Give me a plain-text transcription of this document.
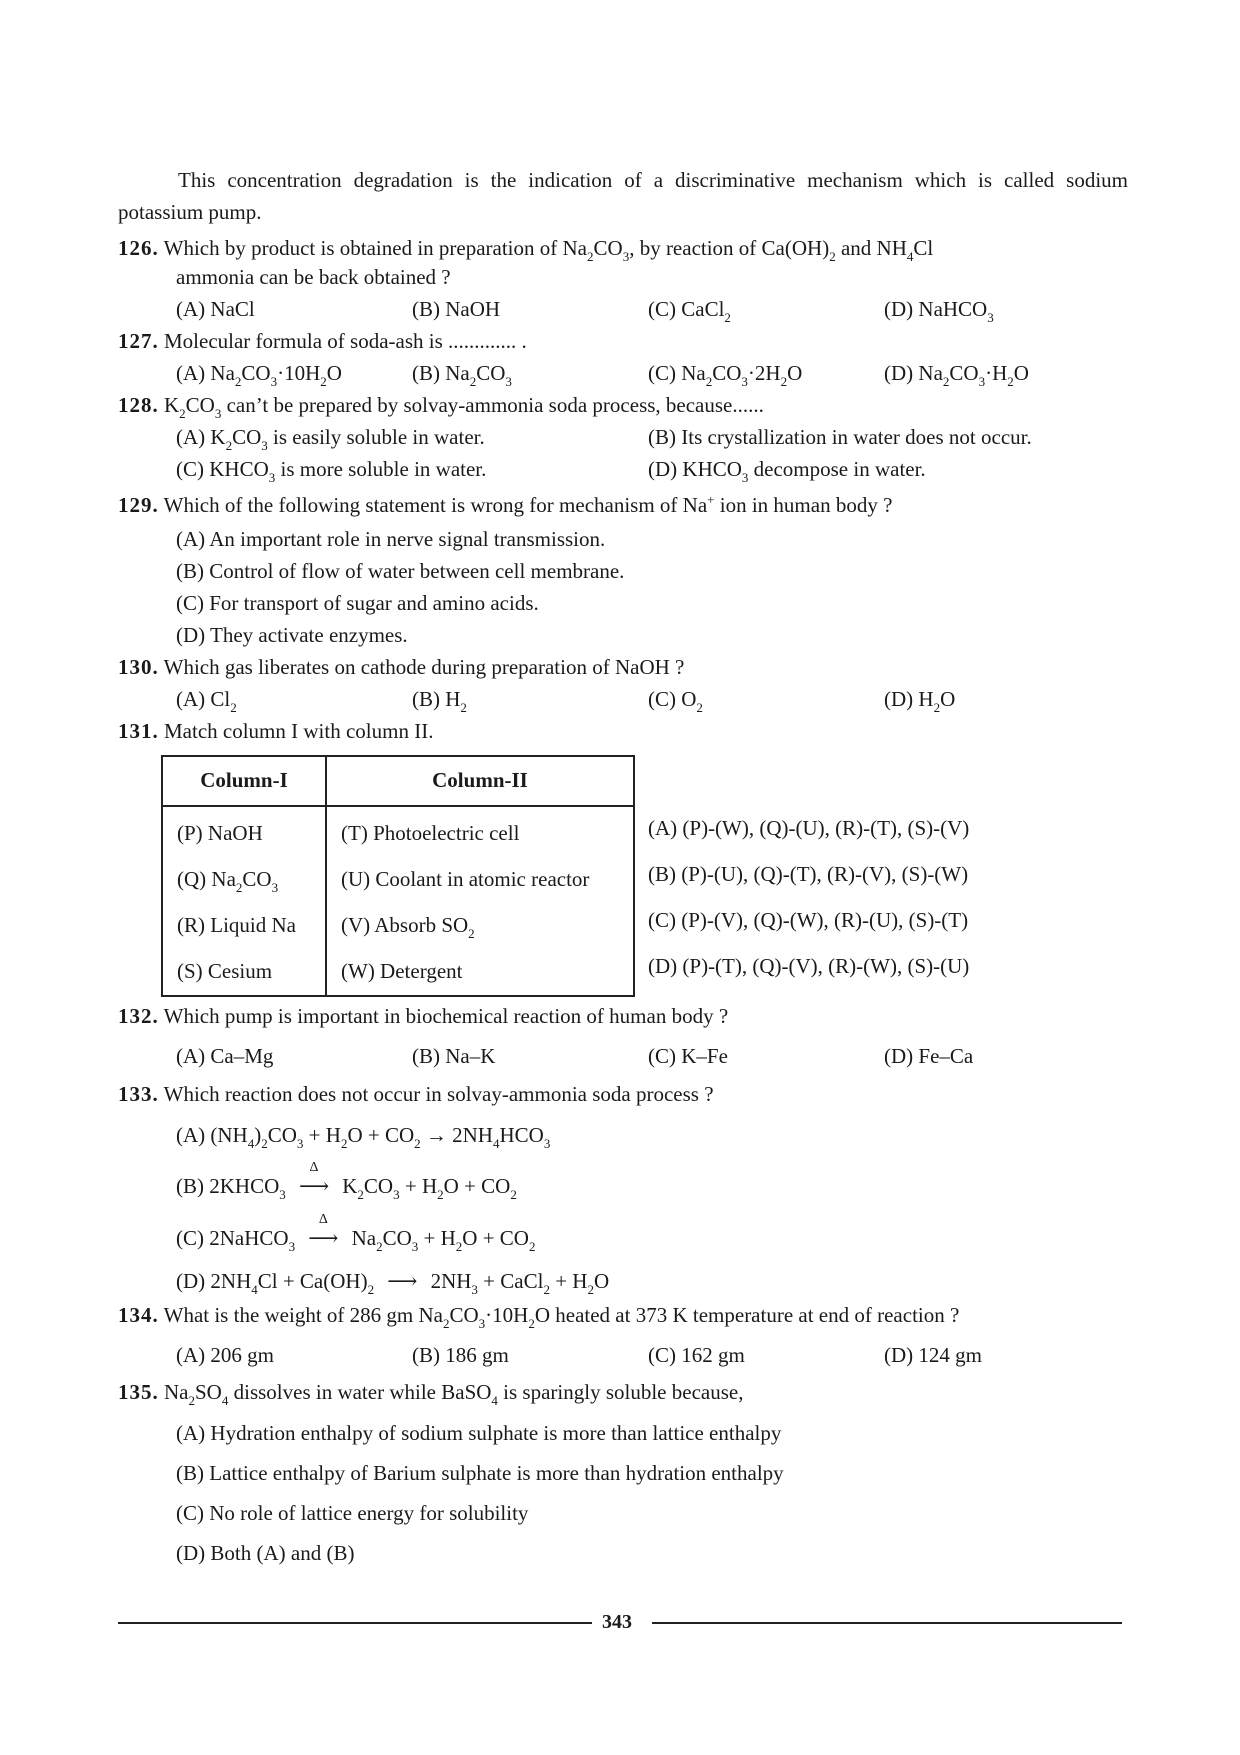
This concentration degradation is the indication of a discriminative mechanism which is called sodium potassium pump.
126. Which by product is obtained in preparation of $Na_2CO_3$, by reaction of $Ca(OH)_2$ and $NH_4Cl$
ammonia can be back obtained ?
(A) NaCl	(B) NaOH	(C) CaCl$_2$	(D) NaHCO$_3$
127. Molecular formula of soda-ash is ............. .
(A) $Na_2CO_3\cdot 10H_2O$	(B) $Na_2CO_3$	(C) $Na_2CO_3\cdot 2H_2O$	(D) $Na_2CO_3\cdot H_2O$
128. $K_2CO_3$ can’t be prepared by solvay-ammonia soda process, because......
(A) $K_2CO_3$ is easily soluble in water.	(B) Its crystallization in water does not occur.
(C) $KHCO_3$ is more soluble in water.	(D) $KHCO_3$ decompose in water.
129. Which of the following statement is wrong for mechanism of Na+ ion in human body ?
(A) An important role in nerve signal transmission.
(B) Control of flow of water between cell membrane.
(C) For transport of sugar and amino acids.
(D) They activate enzymes.
130. Which gas liberates on cathode during preparation of NaOH ?
(A) $Cl_2$	(B) $H_2$	(C) $O_2$	(D) $H_2O$
131. Match column I with column II.
Column-I	Column-II
(P) NaOH	(T) Photoelectric cell
(Q) $Na_2CO_3$	(U) Coolant in atomic reactor
(R) Liquid Na	(V) Absorb $SO_2$
(S) Cesium	(W) Detergent
(A) (P)-(W), (Q)-(U), (R)-(T), (S)-(V)
(B) (P)-(U), (Q)-(T), (R)-(V), (S)-(W)
(C) (P)-(V), (Q)-(W), (R)-(U), (S)-(T)
(D) (P)-(T), (Q)-(V), (R)-(W), (S)-(U)
132. Which pump is important in biochemical reaction of human body ?
(A) Ca–Mg	(B) Na–K	(C) K–Fe	(D) Fe–Ca
133. Which reaction does not occur in solvay-ammonia soda process ?
(A) $(NH_4)_2CO_3 + H_2O + CO_2 \to 2NH_4HCO_3$
(B) $2KHCO_3$
Δ
⟶ $K_2CO_3 + H_2O + CO_2$
(C) 2NaHCO$_3$
Δ
⟶ $Na_2CO_3 + H_2O + CO_2$
(D) $2NH_4Cl + Ca(OH)_2$ ⟶ $2NH_3$ + CaCl$_2$ + $H_2O$
134. What is the weight of 286 gm $Na_2CO_3\cdot 10H_2O$ heated at 373 K temperature at end of reaction ?
(A) 206 gm	(B) 186 gm	(C) 162 gm	(D) 124 gm
135. $Na_2SO_4$ dissolves in water while BaSO$_4$ is sparingly soluble because,
(A) Hydration enthalpy of sodium sulphate is more than lattice enthalpy
(B) Lattice enthalpy of Barium sulphate is more than hydration enthalpy
(C) No role of lattice energy for solubility
(D) Both (A) and (B)
343
